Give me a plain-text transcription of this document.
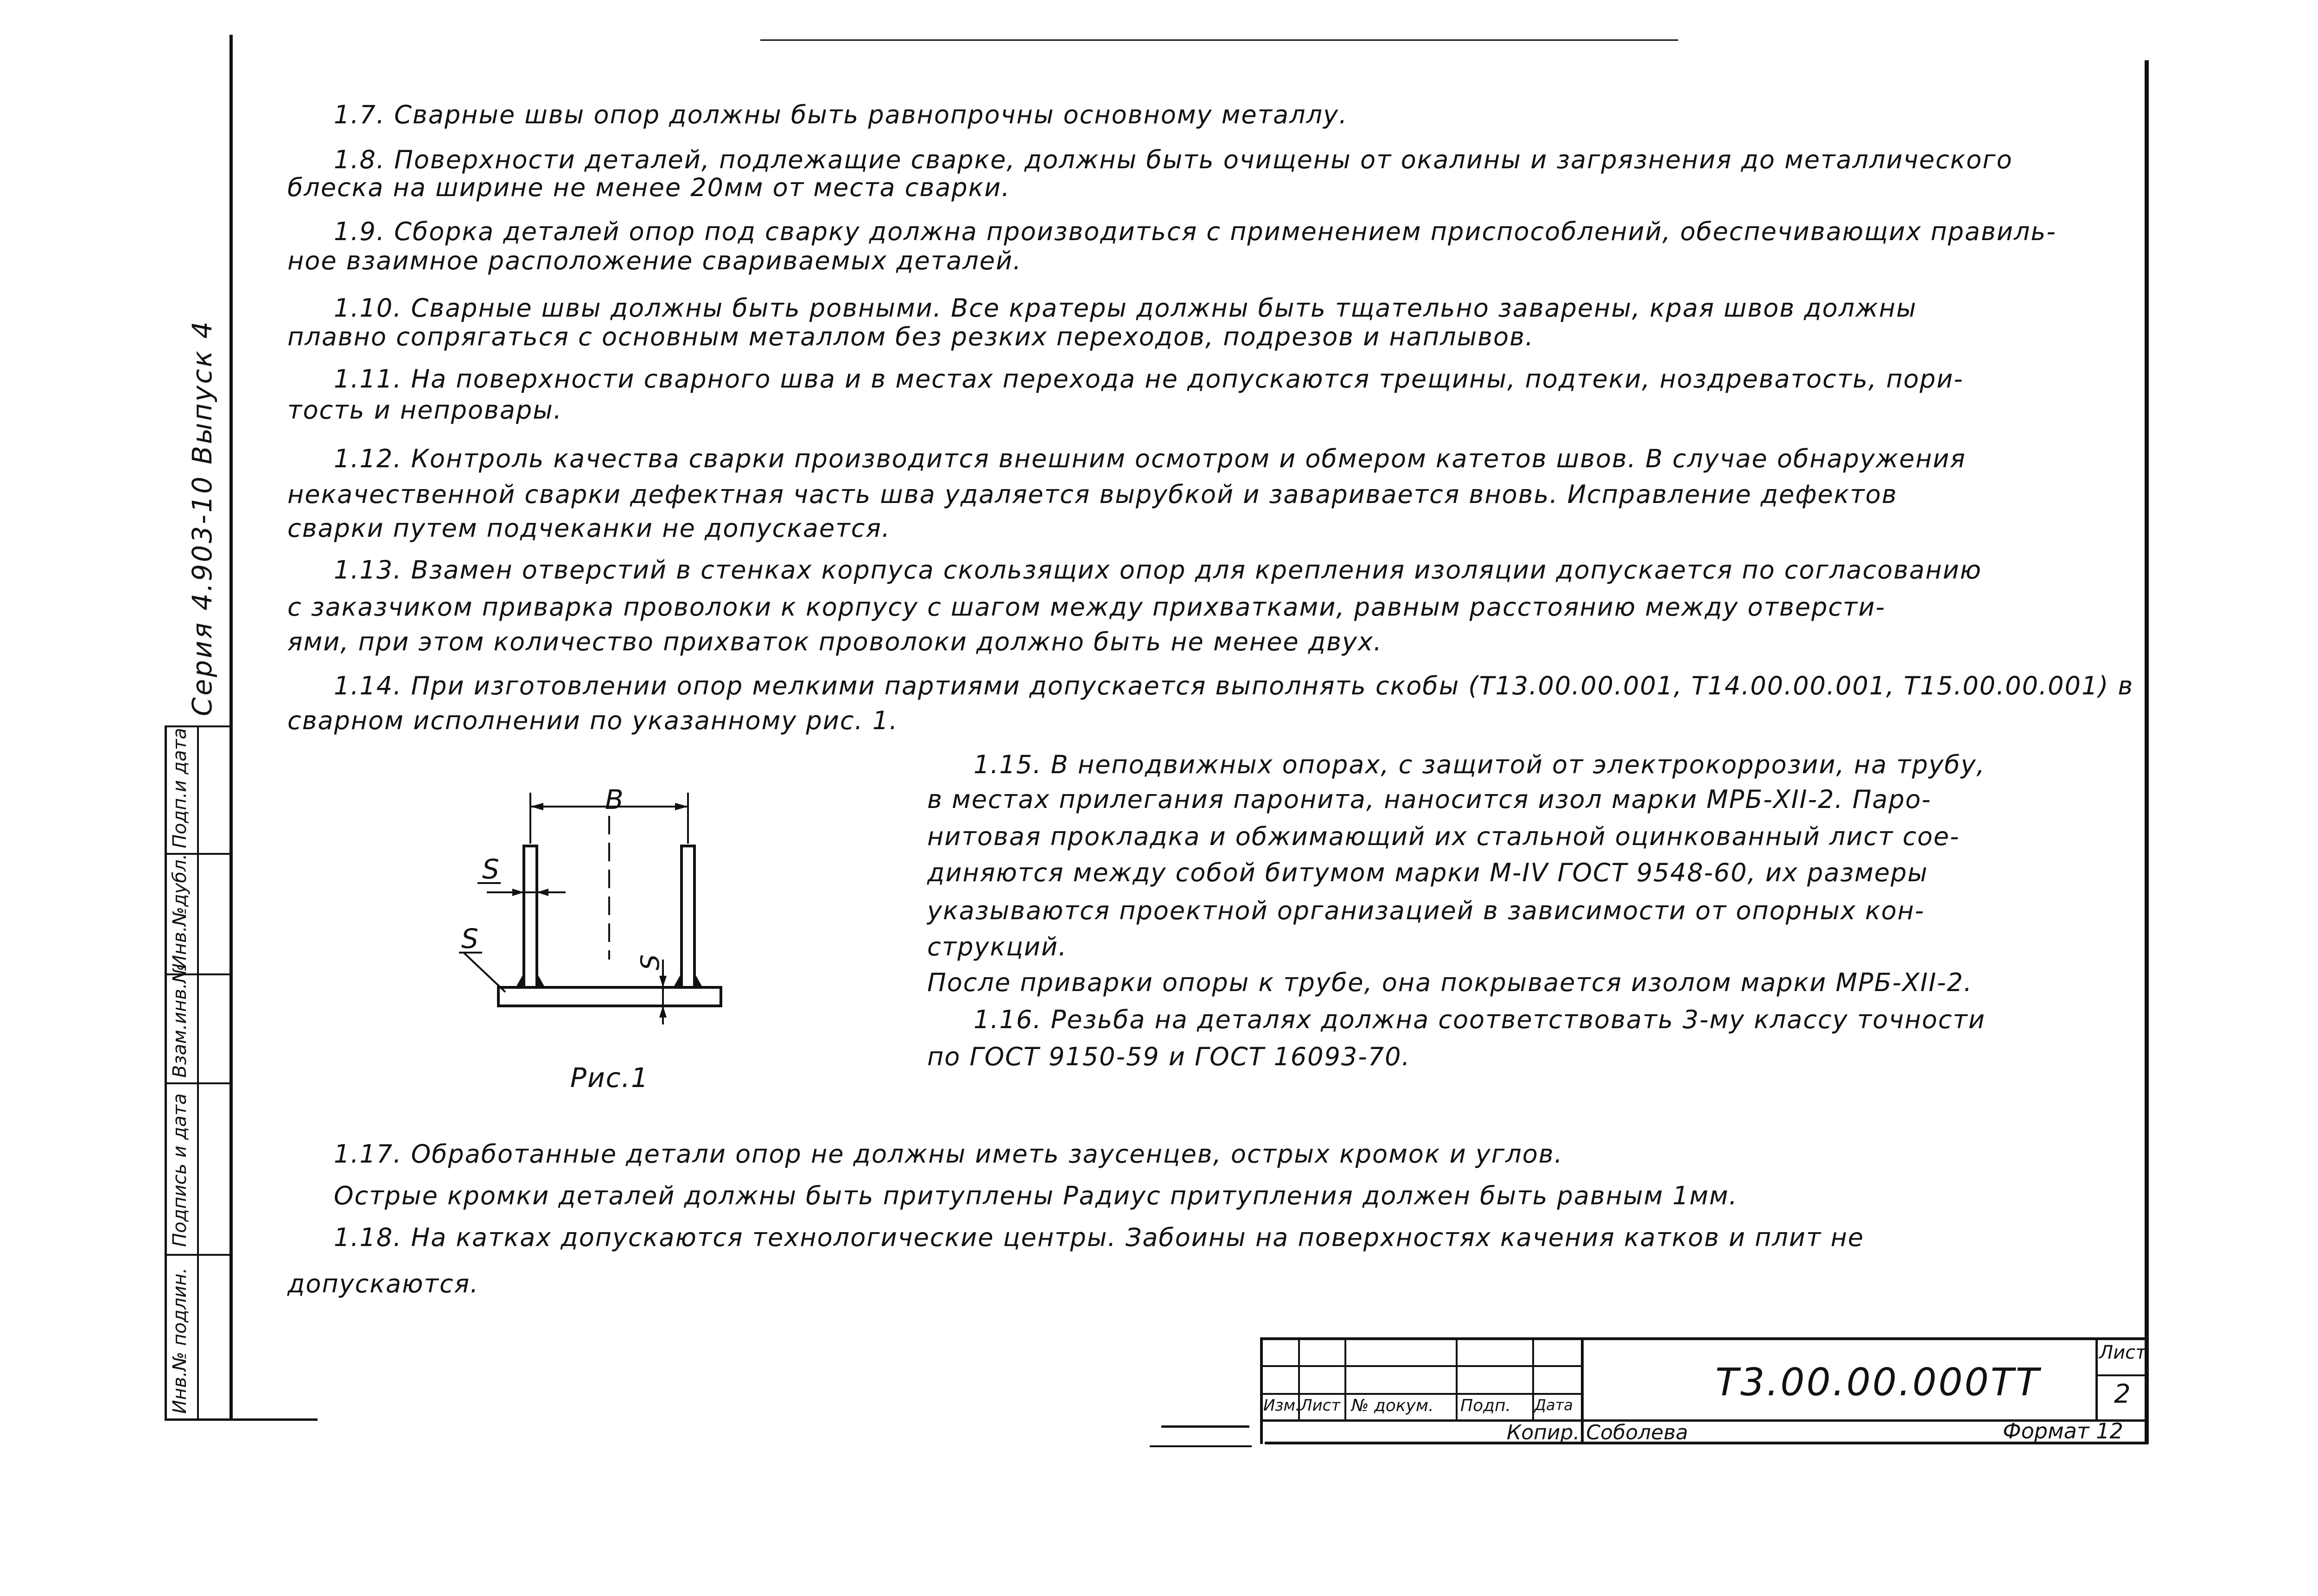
Инв.№ подлин.
Подпись и дата
Взам.инв.№
Инв.№дубл.
Подп.и дата
Серия 4.903-10 Выпуск 4
1.7. Сварные швы опор должны быть равнопрочны основному металлу.
1.8. Поверхности деталей, подлежащие сварке, должны быть очищены от окалины и загрязнения до металлического
блеска на ширине не менее 20мм от места сварки.
1.9. Сборка деталей опор под сварку должна производиться с применением приспособлений, обеспечивающих правиль-
ное взаимное расположение свариваемых деталей.
1.10. Сварные швы должны быть ровными. Все кратеры должны быть тщательно заварены, края швов должны
плавно сопрягаться с основным металлом без резких переходов, подрезов и наплывов.
1.11. На поверхности сварного шва и в местах перехода не допускаются трещины, подтеки, ноздреватость, пори-
тость и непровары.
1.12. Контроль качества сварки производится внешним осмотром и обмером катетов швов. В случае обнаружения
некачественной сварки дефектная часть шва удаляется вырубкой и заваривается вновь. Исправление дефектов
сварки путем подчеканки не допускается.
1.13. Взамен отверстий в стенках корпуса скользящих опор для крепления изоляции допускается по согласованию
с заказчиком приварка проволоки к корпусу с шагом между прихватками, равным расстоянию между отверсти-
ями, при этом количество прихваток проволоки должно быть не менее двух.
1.14. При изготовлении опор мелкими партиями допускается выполнять скобы (Т13.00.00.001, Т14.00.00.001, Т15.00.00.001) в
сварном исполнении по указанному рис. 1.
1.15. В неподвижных опорах, с защитой от электрокоррозии, на трубу,
в местах прилегания паронита, наносится изол марки МРБ-XII-2. Паро-
нитовая прокладка и обжимающий их стальной оцинкованный лист сое-
диняются между собой битумом марки М-IV ГОСТ 9548-60, их размеры
указываются проектной организацией в зависимости от опорных кон-
струкций.
После приварки опоры к трубе, она покрывается изолом марки МРБ-XII-2.
1.16. Резьба на деталях должна соответствовать 3-му классу точности
по ГОСТ 9150-59 и ГОСТ 16093-70.
1.17. Обработанные детали опор не должны иметь заусенцев, острых кромок и углов.
Острые кромки деталей должны быть притуплены Радиус притупления должен быть равным 1мм.
1.18. На катках допускаются технологические центры. Забоины на поверхностях качения катков и плит не
допускаются.
В
S
S
S
Рис.1
Изм. Лист № докум. Подп. Дата
Т3.00.00.000ТТ
Лист
2
Копир. Соболева	Формат 12
